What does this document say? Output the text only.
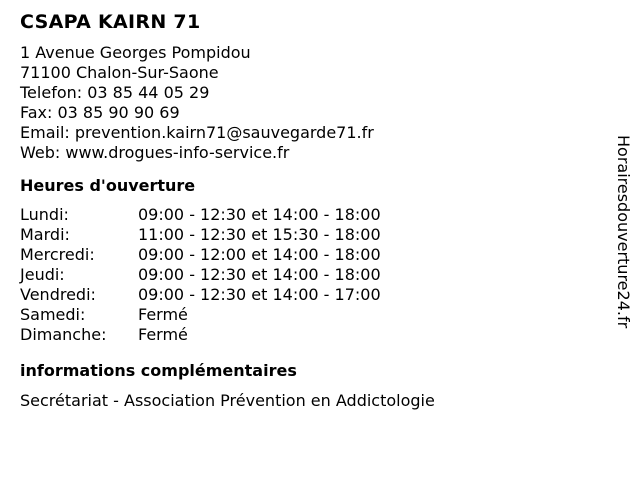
CSAPA KAIRN 71
1 Avenue Georges Pompidou
71100 Chalon-Sur-Saone
Telefon: 03 85 44 05 29
Fax: 03 85 90 90 69
Email: prevention.kairn71@sauvegarde71.fr
Web: www.drogues-info-service.fr
Heures d'ouverture
Lundi:	09:00 - 12:30 et 14:00 - 18:00
Mardi:	11:00 - 12:30 et 15:30 - 18:00
Mercredi:	09:00 - 12:00 et 14:00 - 18:00
Jeudi:	09:00 - 12:30 et 14:00 - 18:00
Vendredi:	09:00 - 12:30 et 14:00 - 17:00
Samedi:	Fermé
Dimanche:	Fermé
informations complémentaires
Secrétariat - Association Prévention en Addictologie
Horairesdouverture24.fr
